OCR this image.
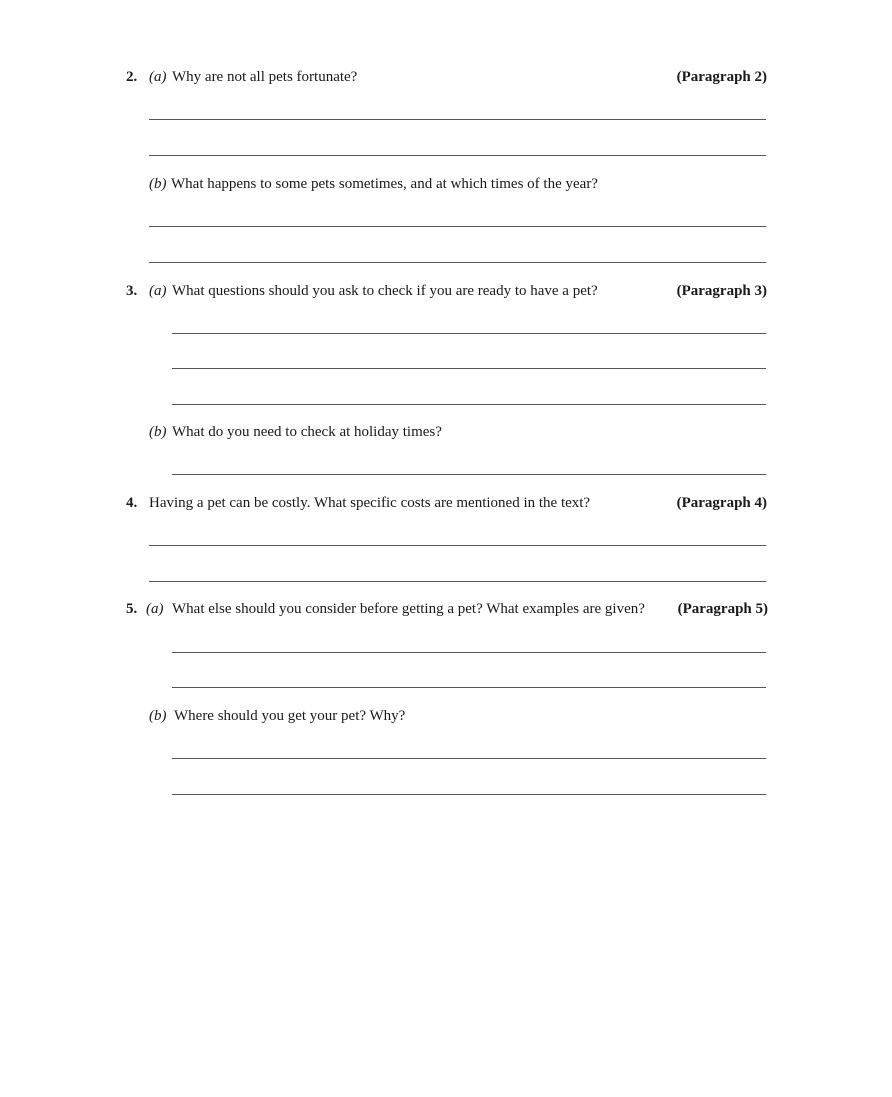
2. (a) Why are not all pets fortunate?	(Paragraph 2)
(b) What happens to some pets sometimes, and at which times of the year?
3. (a) What questions should you ask to check if you are ready to have a pet?	(Paragraph 3)
(b) What do you need to check at holiday times?
4. Having a pet can be costly. What specific costs are mentioned in the text?	(Paragraph 4)
5. (a) What else should you consider before getting a pet? What examples are given? (Paragraph 5)
(b) Where should you get your pet? Why?
